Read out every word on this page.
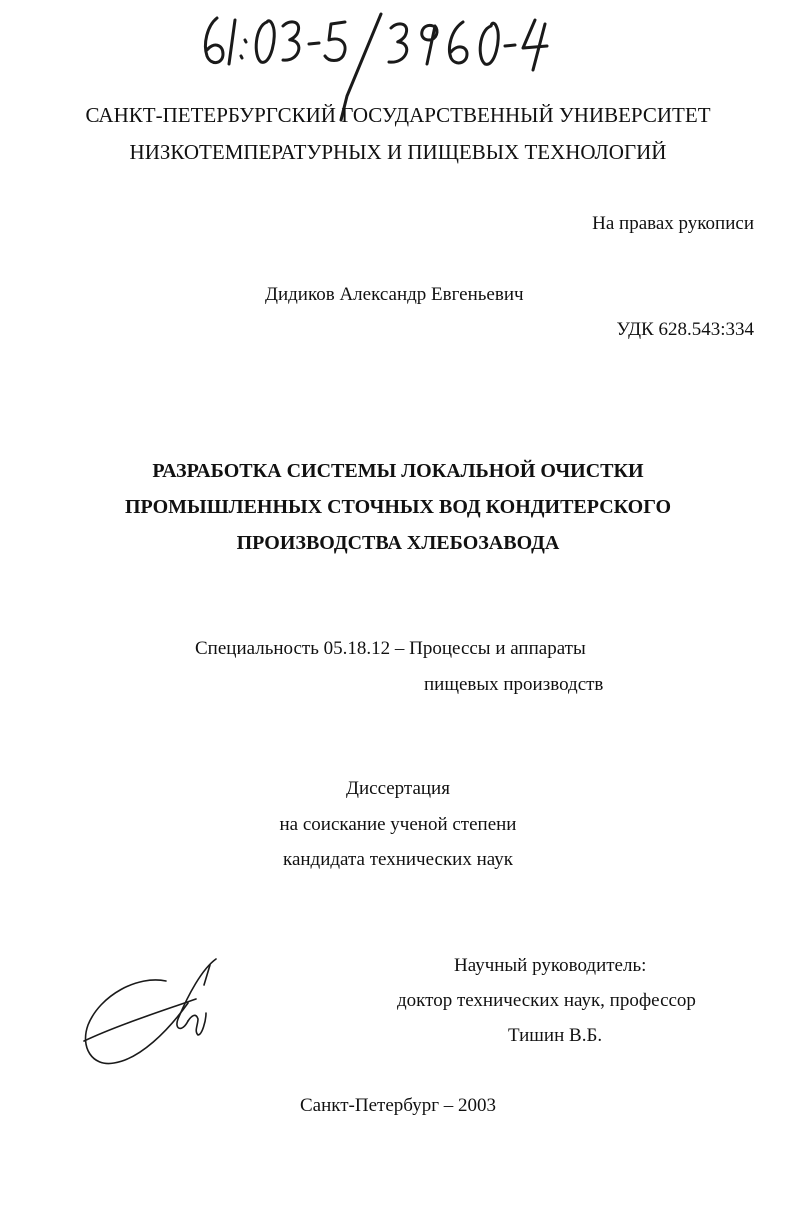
САНКТ-ПЕТЕРБУРГСКИЙ ГОСУДАРСТВЕННЫЙ УНИВЕРСИТЕТ
НИЗКОТЕМПЕРАТУРНЫХ И ПИЩЕВЫХ ТЕХНОЛОГИЙ
На правах рукописи
Дидиков Александр Евгеньевич
УДК 628.543:334
РАЗРАБОТКА СИСТЕМЫ ЛОКАЛЬНОЙ ОЧИСТКИ
ПРОМЫШЛЕННЫХ СТОЧНЫХ ВОД КОНДИТЕРСКОГО
ПРОИЗВОДСТВА ХЛЕБОЗАВОДА
Специальность 05.18.12 – Процессы и аппараты
пищевых производств
Диссертация
на соискание ученой степени
кандидата технических наук
Научный руководитель:
доктор технических наук, профессор
Тишин В.Б.
Санкт-Петербург – 2003
